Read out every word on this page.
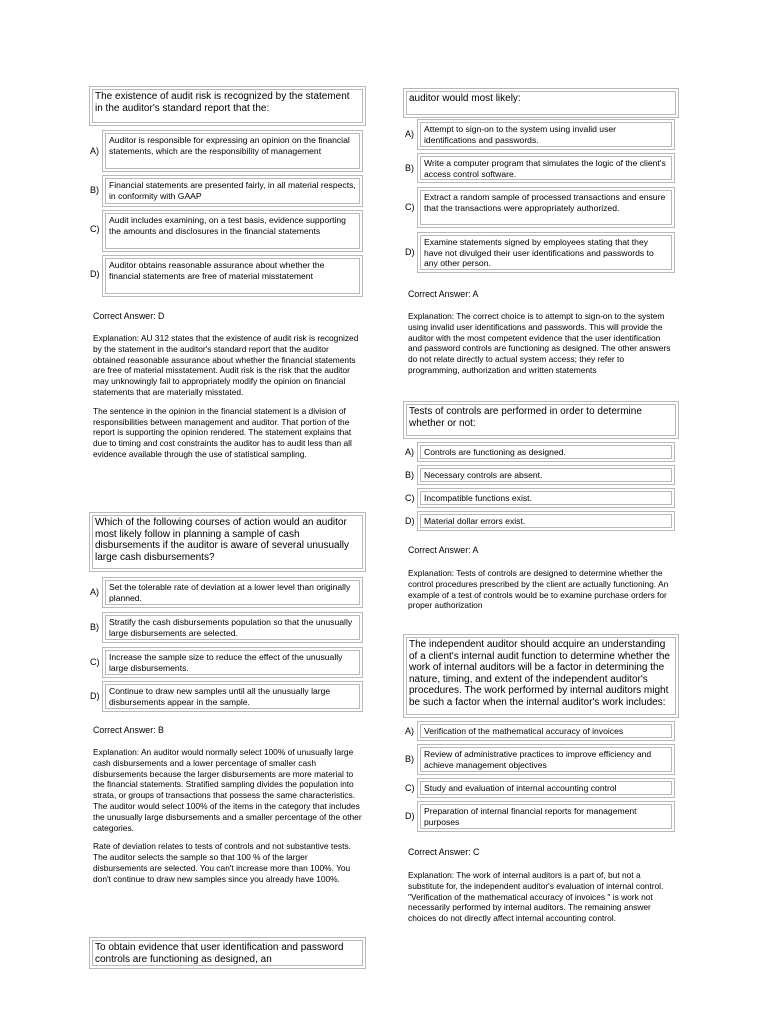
The existence of audit risk is recognized by the statement in the auditor's standard report that the:
A)
Auditor is responsible for expressing an opinion on the financial statements, which are the responsibility of management
B)	Financial statements are presented fairly, in all material respects, in conformity with GAAP
C)
Audit includes examining, on a test basis, evidence supporting the amounts and disclosures in the financial statements
D)
Auditor obtains reasonable assurance about whether the financial statements are free of material misstatement
Correct Answer: D

Explanation: AU 312 states that the existence of audit risk is recognized by the statement in the auditor's standard report that the auditor obtained reasonable assurance about whether the financial statements are free of material misstatement. Audit risk is the risk that the auditor may unknowingly fail to appropriately modify the opinion on financial statements that are materially misstated.

The sentence in the opinion in the financial statement is a division of responsibilities between management and auditor. That portion of the report is supporting the opinion rendered. The statement explains that due to timing and cost constraints the auditor has to audit less than all evidence available through the use of statistical sampling.

Which of the following courses of action would an auditor most likely follow in planning a sample of cash disbursements if the auditor is aware of several unusually large cash disbursements?
A)	Set the tolerable rate of deviation at a lower level than originally planned.
B)	Stratify the cash disbursements population so that the unusually large disbursements are selected.
C)	Increase the sample size to reduce the effect of the unusually large disbursements.
D)	Continue to draw new samples until all the unusually large disbursements appear in the sample.
Correct Answer: B

Explanation: An auditor would normally select 100% of unusually large cash disbursements and a lower percentage of smaller cash disbursements because the larger disbursements are more material to the financial statements. Stratified sampling divides the population into strata, or groups of transactions that possess the same characteristics. The auditor would select 100% of the items in the category that includes the unusually large disbursements and a smaller percentage of the other categories.

Rate of deviation relates to tests of controls and not substantive tests. The auditor selects the sample so that 100 % of the larger disbursements are selected. You can't increase more than 100%. You don't continue to draw new samples since you already have 100%.

To obtain evidence that user identification and password controls are functioning as designed, an
auditor would most likely:
A)	Attempt to sign-on to the system using invalid user identifications and passwords.
B)	Write a computer program that simulates the logic of the client's access control software.
C)
Extract a random sample of processed transactions and ensure that the transactions were appropriately authorized.
D)
Examine statements signed by employees stating that they have not divulged their user identifications and passwords to any other person.
Correct Answer: A

Explanation: The correct choice is to attempt to sign-on to the system using invalid user identifications and passwords. This will provide the auditor with the most competent evidence that the user identification and password controls are functioning as designed. The other answers do not relate directly to actual system access; they refer to programming, authorization and written statements

Tests of controls are performed in order to determine whether or not:
A)	Controls are functioning as designed.
B)	Necessary controls are absent.
C)	Incompatible functions exist.
D)	Material dollar errors exist.
Correct Answer: A

Explanation: Tests of controls are designed to determine whether the control procedures prescribed by the client are actually functioning. An example of a test of controls would be to examine purchase orders for proper authorization

The independent auditor should acquire an understanding of a client's internal audit function to determine whether the work of internal auditors will be a factor in determining the nature, timing, and extent of the independent auditor's procedures. The work performed by internal auditors might be such a factor when the internal auditor's work includes:
A)	Verification of the mathematical accuracy of invoices
B)	Review of administrative practices to improve efficiency and achieve management objectives
C)	Study and evaluation of internal accounting control
D)	Preparation of internal financial reports for management purposes
Correct Answer: C

Explanation: The work of internal auditors is a part of, but not a substitute for, the independent auditor's evaluation of internal control. "Verification of the mathematical accuracy of invoices " is work not necessarily performed by internal auditors. The remaining answer choices do not directly affect internal accounting control.
